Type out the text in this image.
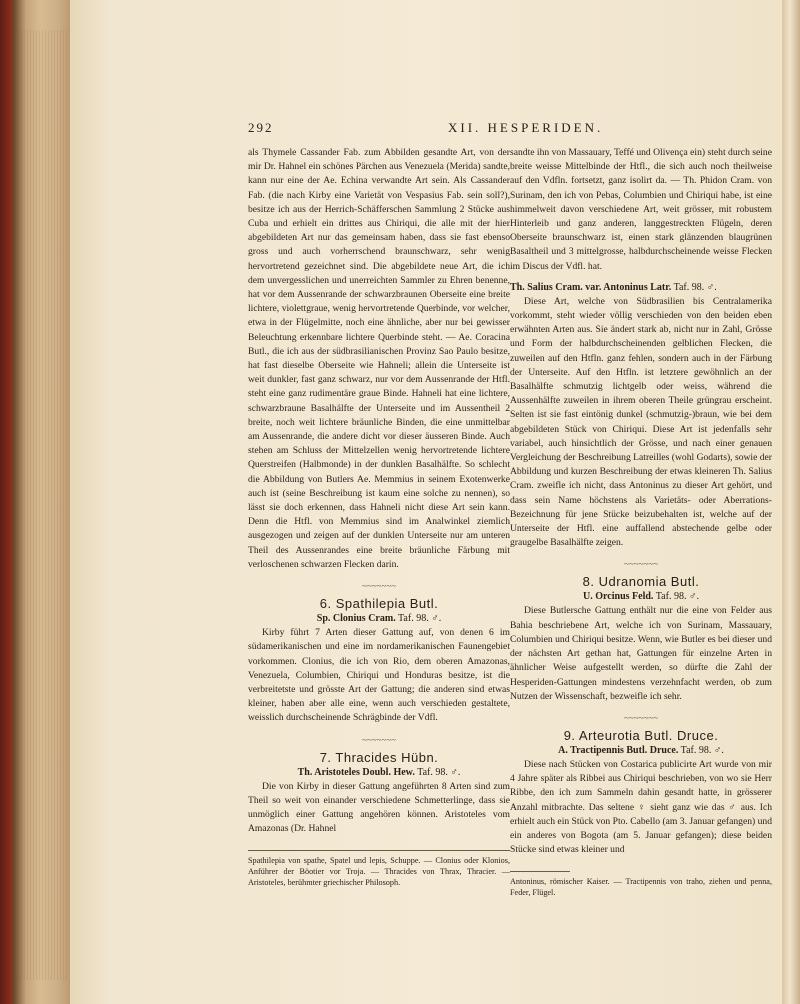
292	XII. HESPERIDEN.

als Thymele Cassander Fab. zum Abbilden gesandte Art, von der mir Dr. Hahnel ein schönes Pärchen aus Venezuela (Merida) sandte, kann nur eine der Ae. Echina verwandte Art sein. Als Cassander Fab. (die nach Kirby eine Varietät von Vespasius Fab. sein soll?), besitze ich aus der Herrich-Schäfferschen Sammlung 2 Stücke aus Cuba und erhielt ein drittes aus Chiriqui, die alle mit der hier abgebildeten Art nur das gemeinsam haben, dass sie fast ebenso gross und auch vorherrschend braunschwarz, sehr wenig hervortretend gezeichnet sind. Die abgebildete neue Art, die ich dem unvergesslichen und unerreichten Sammler zu Ehren benenne, hat vor dem Aussenrande der schwarzbraunen Oberseite eine breite lichtere, violettgraue, wenig hervortretende Querbinde, vor welcher, etwa in der Flügelmitte, noch eine ähnliche, aber nur bei gewisser Beleuchtung erkennbare lichtere Querbinde steht. — Ae. Coracina Butl., die ich aus der südbrasilianischen Provinz Sao Paulo besitze, hat fast dieselbe Oberseite wie Hahneli; allein die Unterseite ist weit dunkler, fast ganz schwarz, nur vor dem Aussenrande der Htfl. steht eine ganz rudimentäre graue Binde. Hahneli hat eine lichtere, schwarzbraune Basalhälfte der Unterseite und im Aussentheil 2 breite, noch weit lichtere bräunliche Binden, die eine unmittelbar am Aussenrande, die andere dicht vor dieser äusseren Binde. Auch stehen am Schluss der Mittelzellen wenig hervortretende lichtere Querstreifen (Halbmonde) in der dunklen Basalhälfte. So schlecht die Abbildung von Butlers Ae. Memmius in seinem Exotenwerke auch ist (seine Beschreibung ist kaum eine solche zu nennen), so lässt sie doch erkennen, dass Hahneli nicht diese Art sein kann. Denn die Htfl. von Memmius sind im Analwinkel ziemlich ausgezogen und zeigen auf der dunklen Unterseite nur am unteren Theil des Aussenrandes eine breite bräunliche Färbung mit verloschenen schwarzen Flecken darin.

~~~~~~~
6. Spathilepia Butl.
Sp. Clonius Cram. Taf. 98. ♂.

Kirby führt 7 Arten dieser Gattung auf, von denen 6 im südamerikanischen und eine im nordamerikanischen Faunengebiet vorkommen. Clonius, die ich von Rio, dem oberen Amazonas, Venezuela, Columbien, Chiriqui und Honduras besitze, ist die verbreitetste und grösste Art der Gattung; die anderen sind etwas kleiner, haben aber alle eine, wenn auch verschieden gestaltete, weisslich durchscheinende Schrägbinde der Vdfl.

~~~~~~~
7. Thracides Hübn.
Th. Aristoteles Doubl. Hew. Taf. 98. ♂.

Die von Kirby in dieser Gattung angeführten 8 Arten sind zum Theil so weit von einander verschiedene Schmetterlinge, dass sie unmöglich einer Gattung angehören können. Aristoteles vom Amazonas (Dr. Hahnel

Spathilepia von spathe, Spatel und lepis, Schuppe. — Clonius oder Klonios, Anführer der Böotier vor Troja. — Thracides von Thrax, Thracier. — Aristoteles, berühmter griechischer Philosoph.

sandte ihn von Massauary, Teffé und Olivença ein) steht durch seine breite weisse Mittelbinde der Htfl., die sich auch noch theilweise auf den Vdfln. fortsetzt, ganz isolirt da. — Th. Phidon Cram. von Surinam, den ich von Pebas, Columbien und Chiriqui habe, ist eine himmelweit davon verschiedene Art, weit grösser, mit robustem Hinterleib und ganz anderen, langgestreckten Flügeln, deren Oberseite braunschwarz ist, einen stark glänzenden blaugrünen Basaltheil und 3 mittelgrosse, halbdurchscheinende weisse Flecken im Discus der Vdfl. hat.

Th. Salius Cram. var. Antoninus Latr. Taf. 98. ♂.

Diese Art, welche von Südbrasilien bis Centralamerika vorkommt, steht wieder völlig verschieden von den beiden eben erwähnten Arten aus. Sie ändert stark ab, nicht nur in Zahl, Grösse und Form der halbdurchscheinenden gelblichen Flecken, die zuweilen auf den Htfln. ganz fehlen, sondern auch in der Färbung der Unterseite. Auf den Htfln. ist letztere gewöhnlich an der Basalhälfte schmutzig lichtgelb oder weiss, während die Aussenhälfte zuweilen in ihrem oberen Theile grüngrau erscheint. Selten ist sie fast eintönig dunkel (schmutzig-)braun, wie bei dem abgebildeten Stück von Chiriqui. Diese Art ist jedenfalls sehr variabel, auch hinsichtlich der Grösse, und nach einer genauen Vergleichung der Beschreibung Latreilles (wohl Godarts), sowie der Abbildung und kurzen Beschreibung der etwas kleineren Th. Salius Cram. zweifle ich nicht, dass Antoninus zu dieser Art gehört, und dass sein Name höchstens als Varietäts- oder Aberrations-Bezeichnung für jene Stücke beizubehalten ist, welche auf der Unterseite der Htfl. eine auffallend abstechende gelbe oder graugelbe Basalhälfte zeigen.

~~~~~~~
8. Udranomia Butl.
U. Orcinus Feld. Taf. 98. ♂.

Diese Butlersche Gattung enthält nur die eine von Felder aus Bahia beschriebene Art, welche ich von Surinam, Massauary, Columbien und Chiriqui besitze. Wenn, wie Butler es bei dieser und der nächsten Art gethan hat, Gattungen für einzelne Arten in ähnlicher Weise aufgestellt werden, so dürfte die Zahl der Hesperiden-Gattungen mindestens verzehnfacht werden, ob zum Nutzen der Wissenschaft, bezweifle ich sehr.

~~~~~~~
9. Arteurotia Butl. Druce.
A. Tractipennis Butl. Druce. Taf. 98. ♂.

Diese nach Stücken von Costarica publicirte Art wurde von mir 4 Jahre später als Ribbei aus Chiriqui beschrieben, von wo sie Herr Ribbe, den ich zum Sammeln dahin gesandt hatte, in grösserer Anzahl mitbrachte. Das seltene ♀ sieht ganz wie das ♂ aus. Ich erhielt auch ein Stück von Pto. Cabello (am 3. Januar gefangen) und ein anderes von Bogota (am 5. Januar gefangen); diese beiden Stücke sind etwas kleiner und

Antoninus, römischer Kaiser. — Tractipennis von traho, ziehen und penna, Feder, Flügel.
